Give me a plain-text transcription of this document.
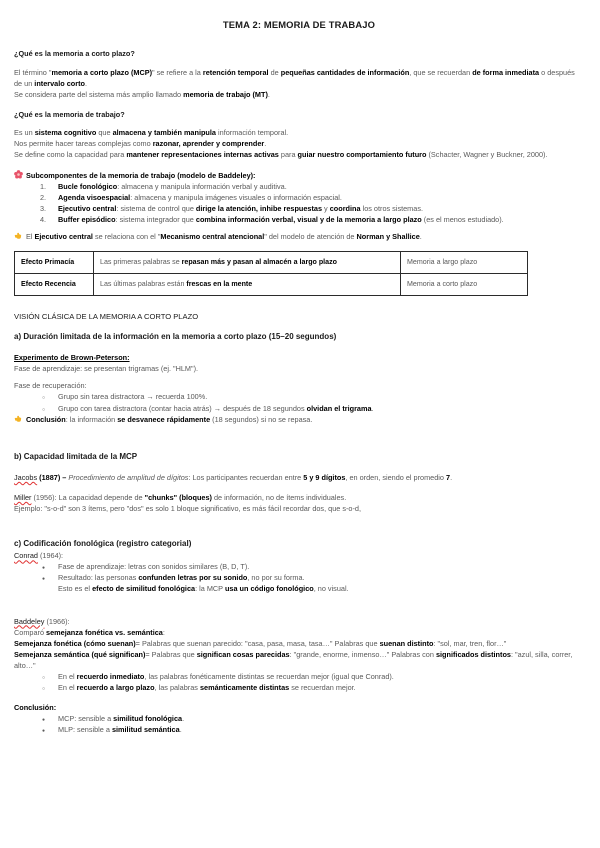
TEMA 2: MEMORIA DE TRABAJO

¿Qué es la memoria a corto plazo?

El término "memoria a corto plazo (MCP)" se refiere a la retención temporal de pequeñas cantidades de información, que se recuerdan de forma inmediata o después de un intervalo corto.

Se considera parte del sistema más amplio llamado memoria de trabajo (MT).

¿Qué es la memoria de trabajo?

Es un sistema cognitivo que almacena y también manipula información temporal.

Nos permite hacer tareas complejas como razonar, aprender y comprender.

Se define como la capacidad para mantener representaciones internas activas para guiar nuestro comportamiento futuro (Schacter, Wagner y Buckner, 2000).

Subcomponentes de la memoria de trabajo (modelo de Baddeley):

1.	Bucle fonológico: almacena y manipula información verbal y auditiva.
2.	Agenda visoespacial: almacena y manipula imágenes visuales o información espacial.
3.	Ejecutivo central: sistema de control que dirige la atención, inhibe respuestas y coordina los otros sistemas.
4.	Buffer episódico: sistema integrador que combina información verbal, visual y de la memoria a largo plazo (es el menos estudiado).

El Ejecutivo central se relaciona con el "Mecanismo central atencional" del modelo de atención de Norman y Shallice.

Efecto Primacía	Las primeras palabras se repasan más y pasan al almacén a largo plazo	Memoria a largo plazo
Efecto Recencia	Las últimas palabras están frescas en la mente	Memoria a corto plazo

VISIÓN CLÁSICA DE LA MEMORIA A CORTO PLAZO

a) Duración limitada de la información en la memoria a corto plazo (15–20 segundos)

Experimento de Brown-Peterson:

Fase de aprendizaje: se presentan trigramas (ej. "HLM").

Fase de recuperación:

○
Grupo sin tarea distractora → recuerda 100%.
○
Grupo con tarea distractora (contar hacia atrás) → después de 18 segundos olvidan el trigrama.

Conclusión: la información se desvanece rápidamente (18 segundos) si no se repasa.

b) Capacidad limitada de la MCP

Jacobs (1887) – Procedimiento de amplitud de dígitos: Los participantes recuerdan entre 5 y 9 dígitos, en orden, siendo el promedio 7.

Miller (1956): La capacidad depende de "chunks" (bloques) de información, no de ítems individuales.

Ejemplo: "s-o-d" son 3 ítems, pero "dos" es solo 1 bloque significativo, es más fácil recordar dos, que s-o-d,

c) Codificación fonológica (registro categorial)

Conrad (1964):

●
Fase de aprendizaje: letras con sonidos similares (B, D, T).
●
Resultado: las personas confunden letras por su sonido, no por su forma.

Esto es el efecto de similitud fonológica: la MCP usa un código fonológico, no visual.

Baddeley (1966):

Comparó semejanza fonética vs. semántica:

Semejanza fonética (cómo suenan)= Palabras que suenan parecido: "casa, pasa, masa, tasa…" Palabras que suenan distinto: "sol, mar, tren, flor…"

Semejanza semántica (qué significan)= Palabras que significan cosas parecidas: "grande, enorme, inmenso…" Palabras con significados distintos: "azul, silla, correr, alto…"

○
En el recuerdo inmediato, las palabras fonéticamente distintas se recuerdan mejor (igual que Conrad).
○
En el recuerdo a largo plazo, las palabras semánticamente distintas se recuerdan mejor.

Conclusión:

●
MCP: sensible a similitud fonológica.
●
MLP: sensible a similitud semántica.
